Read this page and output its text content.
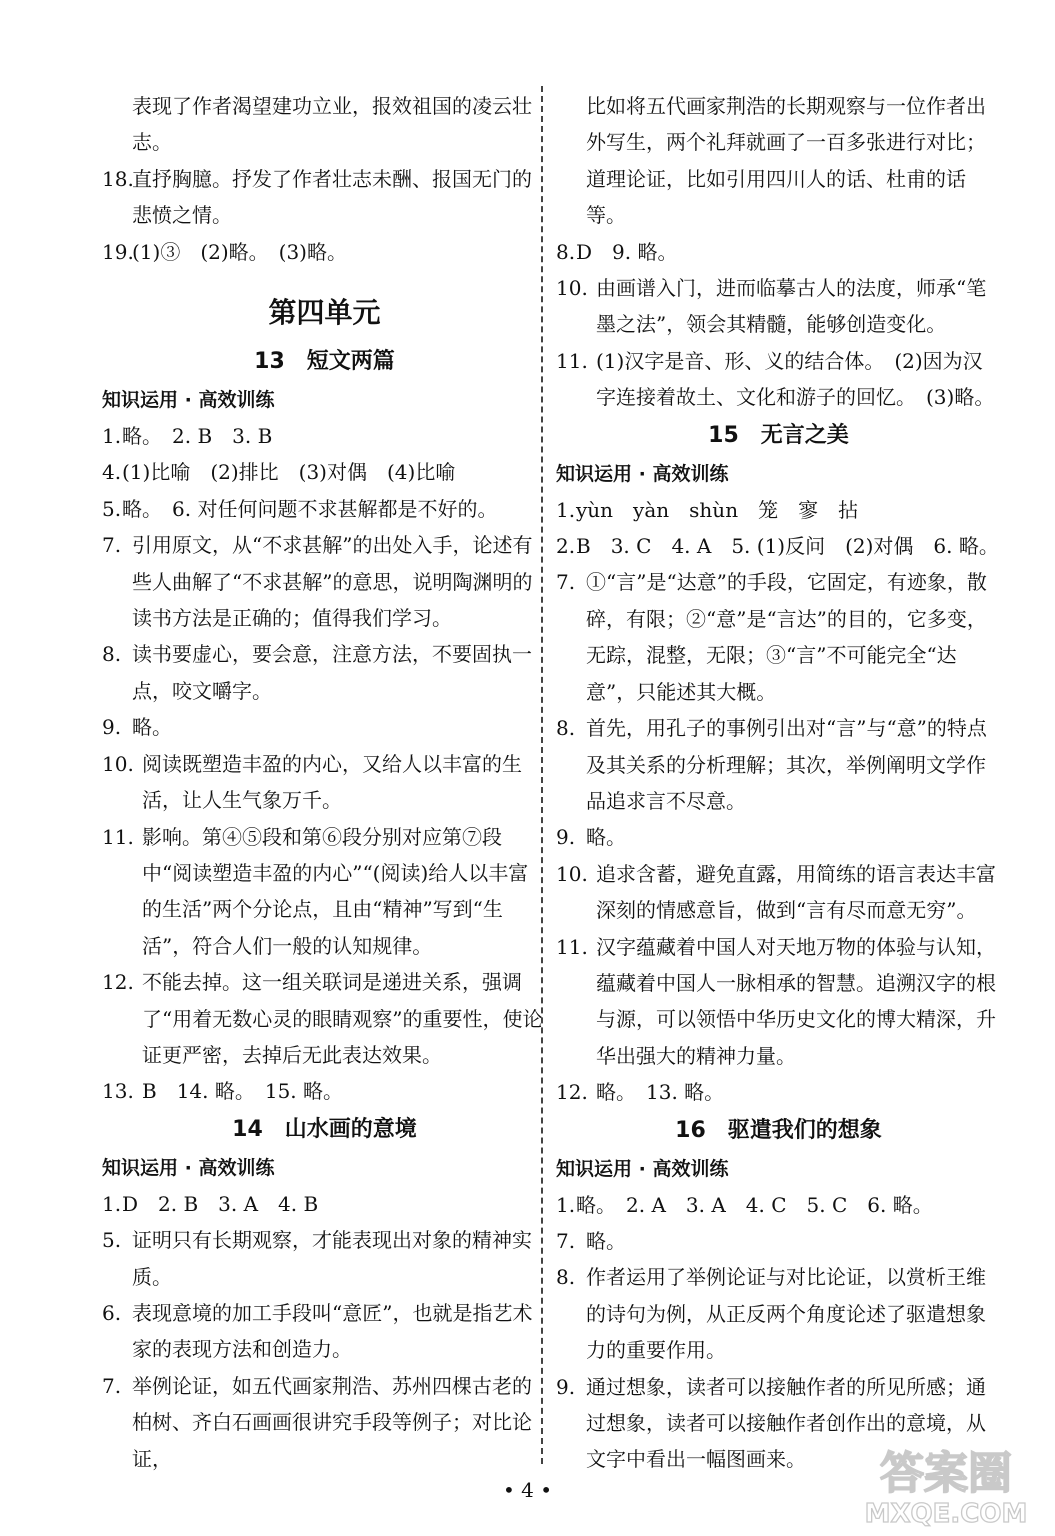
表现了作者渴望建功立业，报效祖国的凌云壮志。
18.
直抒胸臆。抒发了作者壮志未酬、报国无门的悲愤之情。
19.
(1)③　(2)略。　(3)略。
第四单元
13 短文两篇
知识运用 · 高效训练
1. 略。　2. B　3. B
4. (1)比喻　(2)排比　(3)对偶　(4)比喻
5. 略。　6. 对任何问题不求甚解都是不好的。
7. 引用原文，从“不求甚解”的出处入手，论述有些人曲解了“不求甚解”的意思，说明陶渊明的读书方法是正确的；值得我们学习。
8. 读书要虚心，要会意，注意方法，不要固执一点，咬文嚼字。
9. 略。
10. 阅读既塑造丰盈的内心，又给人以丰富的生活，让人生气象万千。
11. 影响。第④⑤段和第⑥段分别对应第⑦段中“阅读塑造丰盈的内心”“(阅读)给人以丰富的生活”两个分论点，且由“精神”写到“生活”，符合人们一般的认知规律。
12. 不能去掉。这一组关联词是递进关系，强调了“用着无数心灵的眼睛观察”的重要性，使论证更严密，去掉后无此表达效果。
13. B　14. 略。　15. 略。
14 山水画的意境
知识运用 · 高效训练
1. D　2. B　3. A　4. B
5. 证明只有长期观察，才能表现出对象的精神实质。
6. 表现意境的加工手段叫“意匠”，也就是指艺术家的表现方法和创造力。
7. 举例论证，如五代画家荆浩、苏州四棵古老的柏树、齐白石画画很讲究手段等例子；对比论证，
比如将五代画家荆浩的长期观察与一位作者出外写生，两个礼拜就画了一百多张进行对比；道理论证，比如引用四川人的话、杜甫的话等。
8. D　9. 略。
10. 由画谱入门，进而临摹古人的法度，师承“笔墨之法”，领会其精髓，能够创造变化。
11. (1)汉字是音、形、义的结合体。　(2)因为汉字连接着故土、文化和游子的回忆。　(3)略。
15 无言之美
知识运用 · 高效训练
1. yùn　yàn　shùn　笼　寥　拈
2. B　3. C　4. A　5. (1)反问　(2)对偶　6. 略。
7. ①“言”是“达意”的手段，它固定，有迹象，散碎，有限；②“意”是“言达”的目的，它多变，无踪，混整，无限；③“言”不可能完全“达意”，只能述其大概。
8. 首先，用孔子的事例引出对“言”与“意”的特点及其关系的分析理解；其次，举例阐明文学作品追求言不尽意。
9. 略。
10. 追求含蓄，避免直露，用简练的语言表达丰富深刻的情感意旨，做到“言有尽而意无穷”。
11. 汉字蕴藏着中国人对天地万物的体验与认知，蕴藏着中国人一脉相承的智慧。追溯汉字的根与源，可以领悟中华历史文化的博大精深，升华出强大的精神力量。
12. 略。　13. 略。
16 驱遣我们的想象
知识运用 · 高效训练
1. 略。　2. A　3. A　4. C　5. C　6. 略。
7. 略。
8. 作者运用了举例论证与对比论证，以赏析王维的诗句为例，从正反两个角度论述了驱遣想象力的重要作用。
9. 通过想象，读者可以接触作者的所见所感；通过想象，读者可以接触作者创作出的意境，从文字中看出一幅图画来。
• 4 •	答案圈
MXQE.COM
